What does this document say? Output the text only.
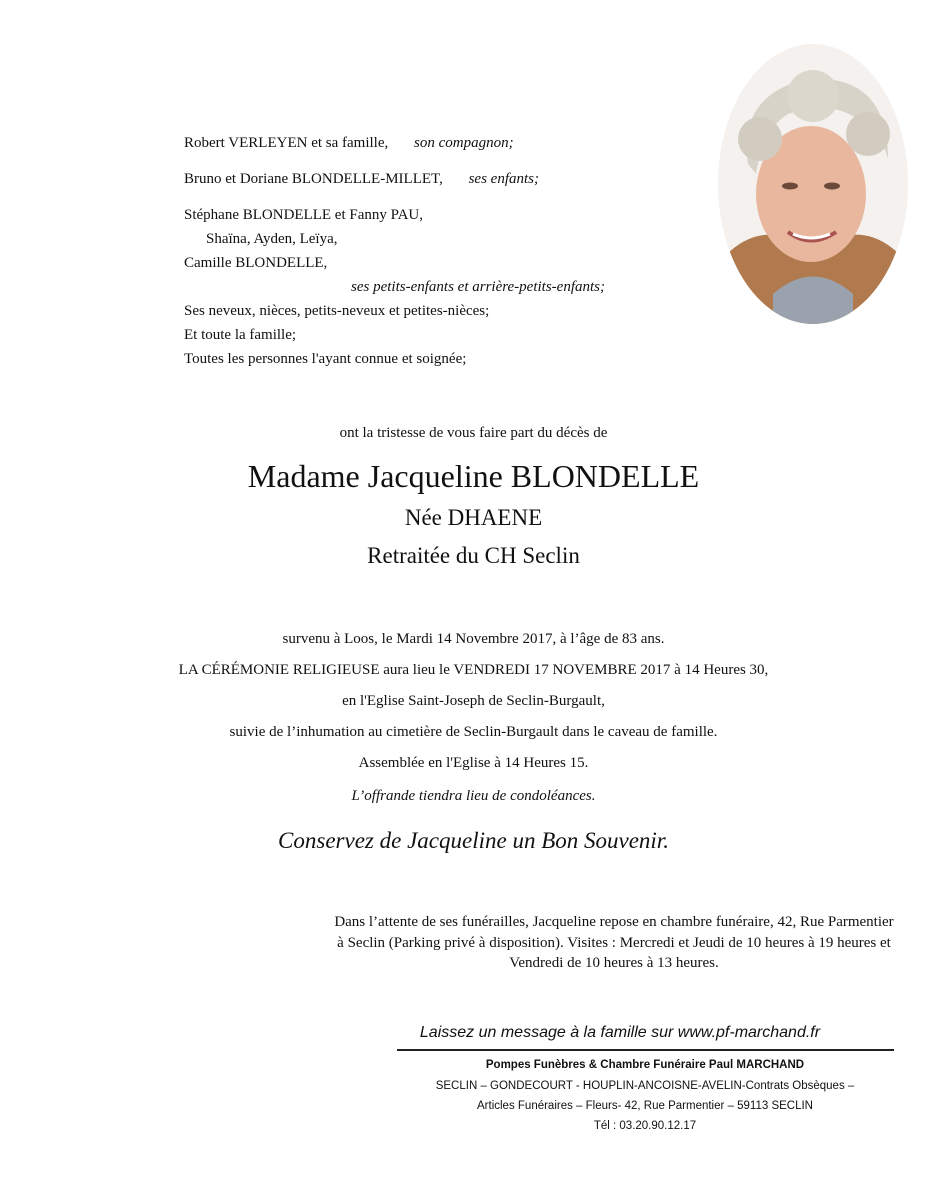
Robert VERLEYEN et sa famille, son compagnon;
Bruno et Doriane BLONDELLE-MILLET, ses enfants;
Stéphane BLONDELLE et Fanny PAU,
Shaïna, Ayden, Leïya,
Camille BLONDELLE,
ses petits-enfants et arrière-petits-enfants;
Ses neveux, nièces, petits-neveux et petites-nièces;
Et toute la famille;
Toutes les personnes l'ayant connue et soignée;
ont la tristesse de vous faire part du décès de
Madame Jacqueline BLONDELLE
Née DHAENE
Retraitée du CH Seclin
survenu à Loos, le Mardi 14 Novembre 2017, à l’âge de 83 ans.
LA CÉRÉMONIE RELIGIEUSE aura lieu le VENDREDI 17 NOVEMBRE 2017 à 14 Heures 30,
en l'Eglise Saint-Joseph de Seclin-Burgault,
suivie de l’inhumation au cimetière de Seclin-Burgault dans le caveau de famille.
Assemblée en l'Eglise à 14 Heures 15.
L’offrande tiendra lieu de condoléances.
Conservez de Jacqueline un Bon Souvenir.
Dans l’attente de ses funérailles, Jacqueline repose en chambre funéraire, 42, Rue Parmentier à Seclin (Parking privé à disposition). Visites : Mercredi et Jeudi de 10 heures à 19 heures et Vendredi de 10 heures à 13 heures.
Laissez un message à la famille sur www.pf-marchand.fr
Pompes Funèbres & Chambre Funéraire Paul MARCHAND
SECLIN – GONDECOURT - HOUPLIN-ANCOISNE-AVELIN-Contrats Obsèques –
Articles Funéraires – Fleurs- 42, Rue Parmentier – 59113 SECLIN
Tél : 03.20.90.12.17
